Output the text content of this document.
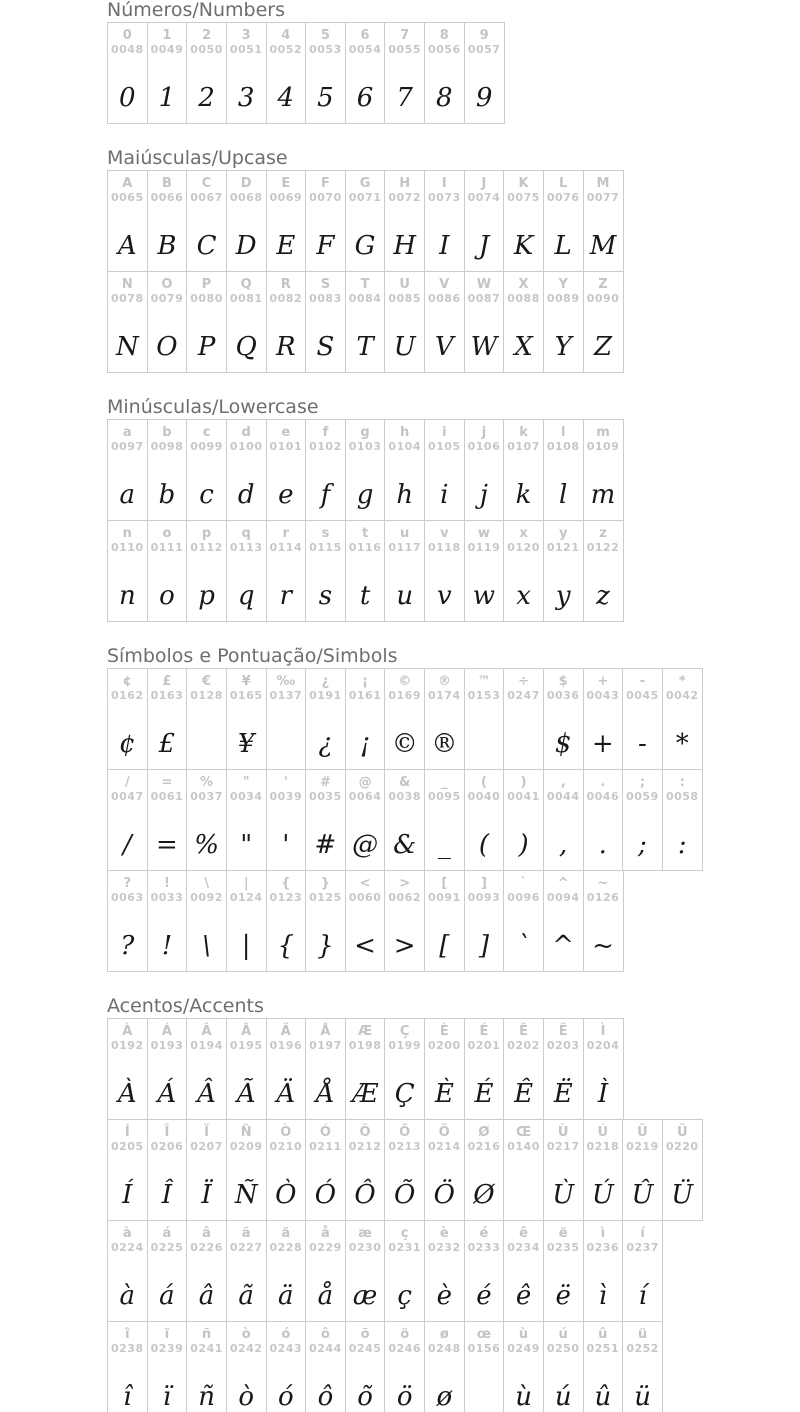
Números/Numbers
0
0048
0
1
0049
1
2
0050
2
3
0051
3
4
0052
4
5
0053
5
6
0054
6
7
0055
7
8
0056
8
9
0057
9
Maiúsculas/Upcase
A
0065
A
B
0066
B
C
0067
C
D
0068
D
E
0069
E
F
0070
F
G
0071
G
H
0072
H
I
0073
I
J
0074
J
K
0075
K
L
0076
L
M
0077
M
N
0078
N
O
0079
O
P
0080
P
Q
0081
Q
R
0082
R
S
0083
S
T
0084
T
U
0085
U
V
0086
V
W
0087
W
X
0088
X
Y
0089
Y
Z
0090
Z
Minúsculas/Lowercase
a
0097
a
b
0098
b
c
0099
c
d
0100
d
e
0101
e
f
0102
f
g
0103
g
h
0104
h
i
0105
i
j
0106
j
k
0107
k
l
0108
l
m
0109
m
n
0110
n
o
0111
o
p
0112
p
q
0113
q
r
0114
r
s
0115
s
t
0116
t
u
0117
u
v
0118
v
w
0119
w
x
0120
x
y
0121
y
z
0122
z
Símbolos e Pontuação/Simbols
¢
0162
¢
£
0163
£
€
0128
¥
0165
¥
‰
0137
¿
0191
¿
¡
0161
¡
©
0169
©
®
0174
®
™
0153
÷
0247
$
0036
$
+
0043
+
-
0045
-
*
0042
*
/
0047
/
=
0061
=
%
0037
%
"
0034
"
'
0039
'
#
0035
#
@
0064
@
&
0038
&
_
0095
_
(
0040
(
)
0041
)
,
0044
,
.
0046
.
;
0059
;
:
0058
:
?
0063
?
!
0033
!
\
0092
\
|
0124
|
{
0123
{
}
0125
}
<
0060
<
>
0062
>
[
0091
[
]
0093
]
`
0096
`
^
0094
^
~
0126
~
Acentos/Accents
À
0192
À
Á
0193
Á
Â
0194
Â
Ã
0195
Ã
Ä
0196
Ä
Å
0197
Å
Æ
0198
Æ
Ç
0199
Ç
È
0200
È
É
0201
É
Ê
0202
Ê
Ë
0203
Ë
Ì
0204
Ì
Í
0205
Í
Î
0206
Î
Ï
0207
Ï
Ñ
0209
Ñ
Ò
0210
Ò
Ó
0211
Ó
Ô
0212
Ô
Õ
0213
Õ
Ö
0214
Ö
Ø
0216
Ø
Œ
0140
Ù
0217
Ù
Ú
0218
Ú
Û
0219
Û
Ü
0220
Ü
à
0224
à
á
0225
á
â
0226
â
ã
0227
ã
ä
0228
ä
å
0229
å
æ
0230
æ
ç
0231
ç
è
0232
è
é
0233
é
ê
0234
ê
ë
0235
ë
ì
0236
ì
í
0237
í
î
0238
î
ï
0239
ï
ñ
0241
ñ
ò
0242
ò
ó
0243
ó
ô
0244
ô
õ
0245
õ
ö
0246
ö
ø
0248
ø
œ
0156
ù
0249
ù
ú
0250
ú
û
0251
û
ü
0252
ü
